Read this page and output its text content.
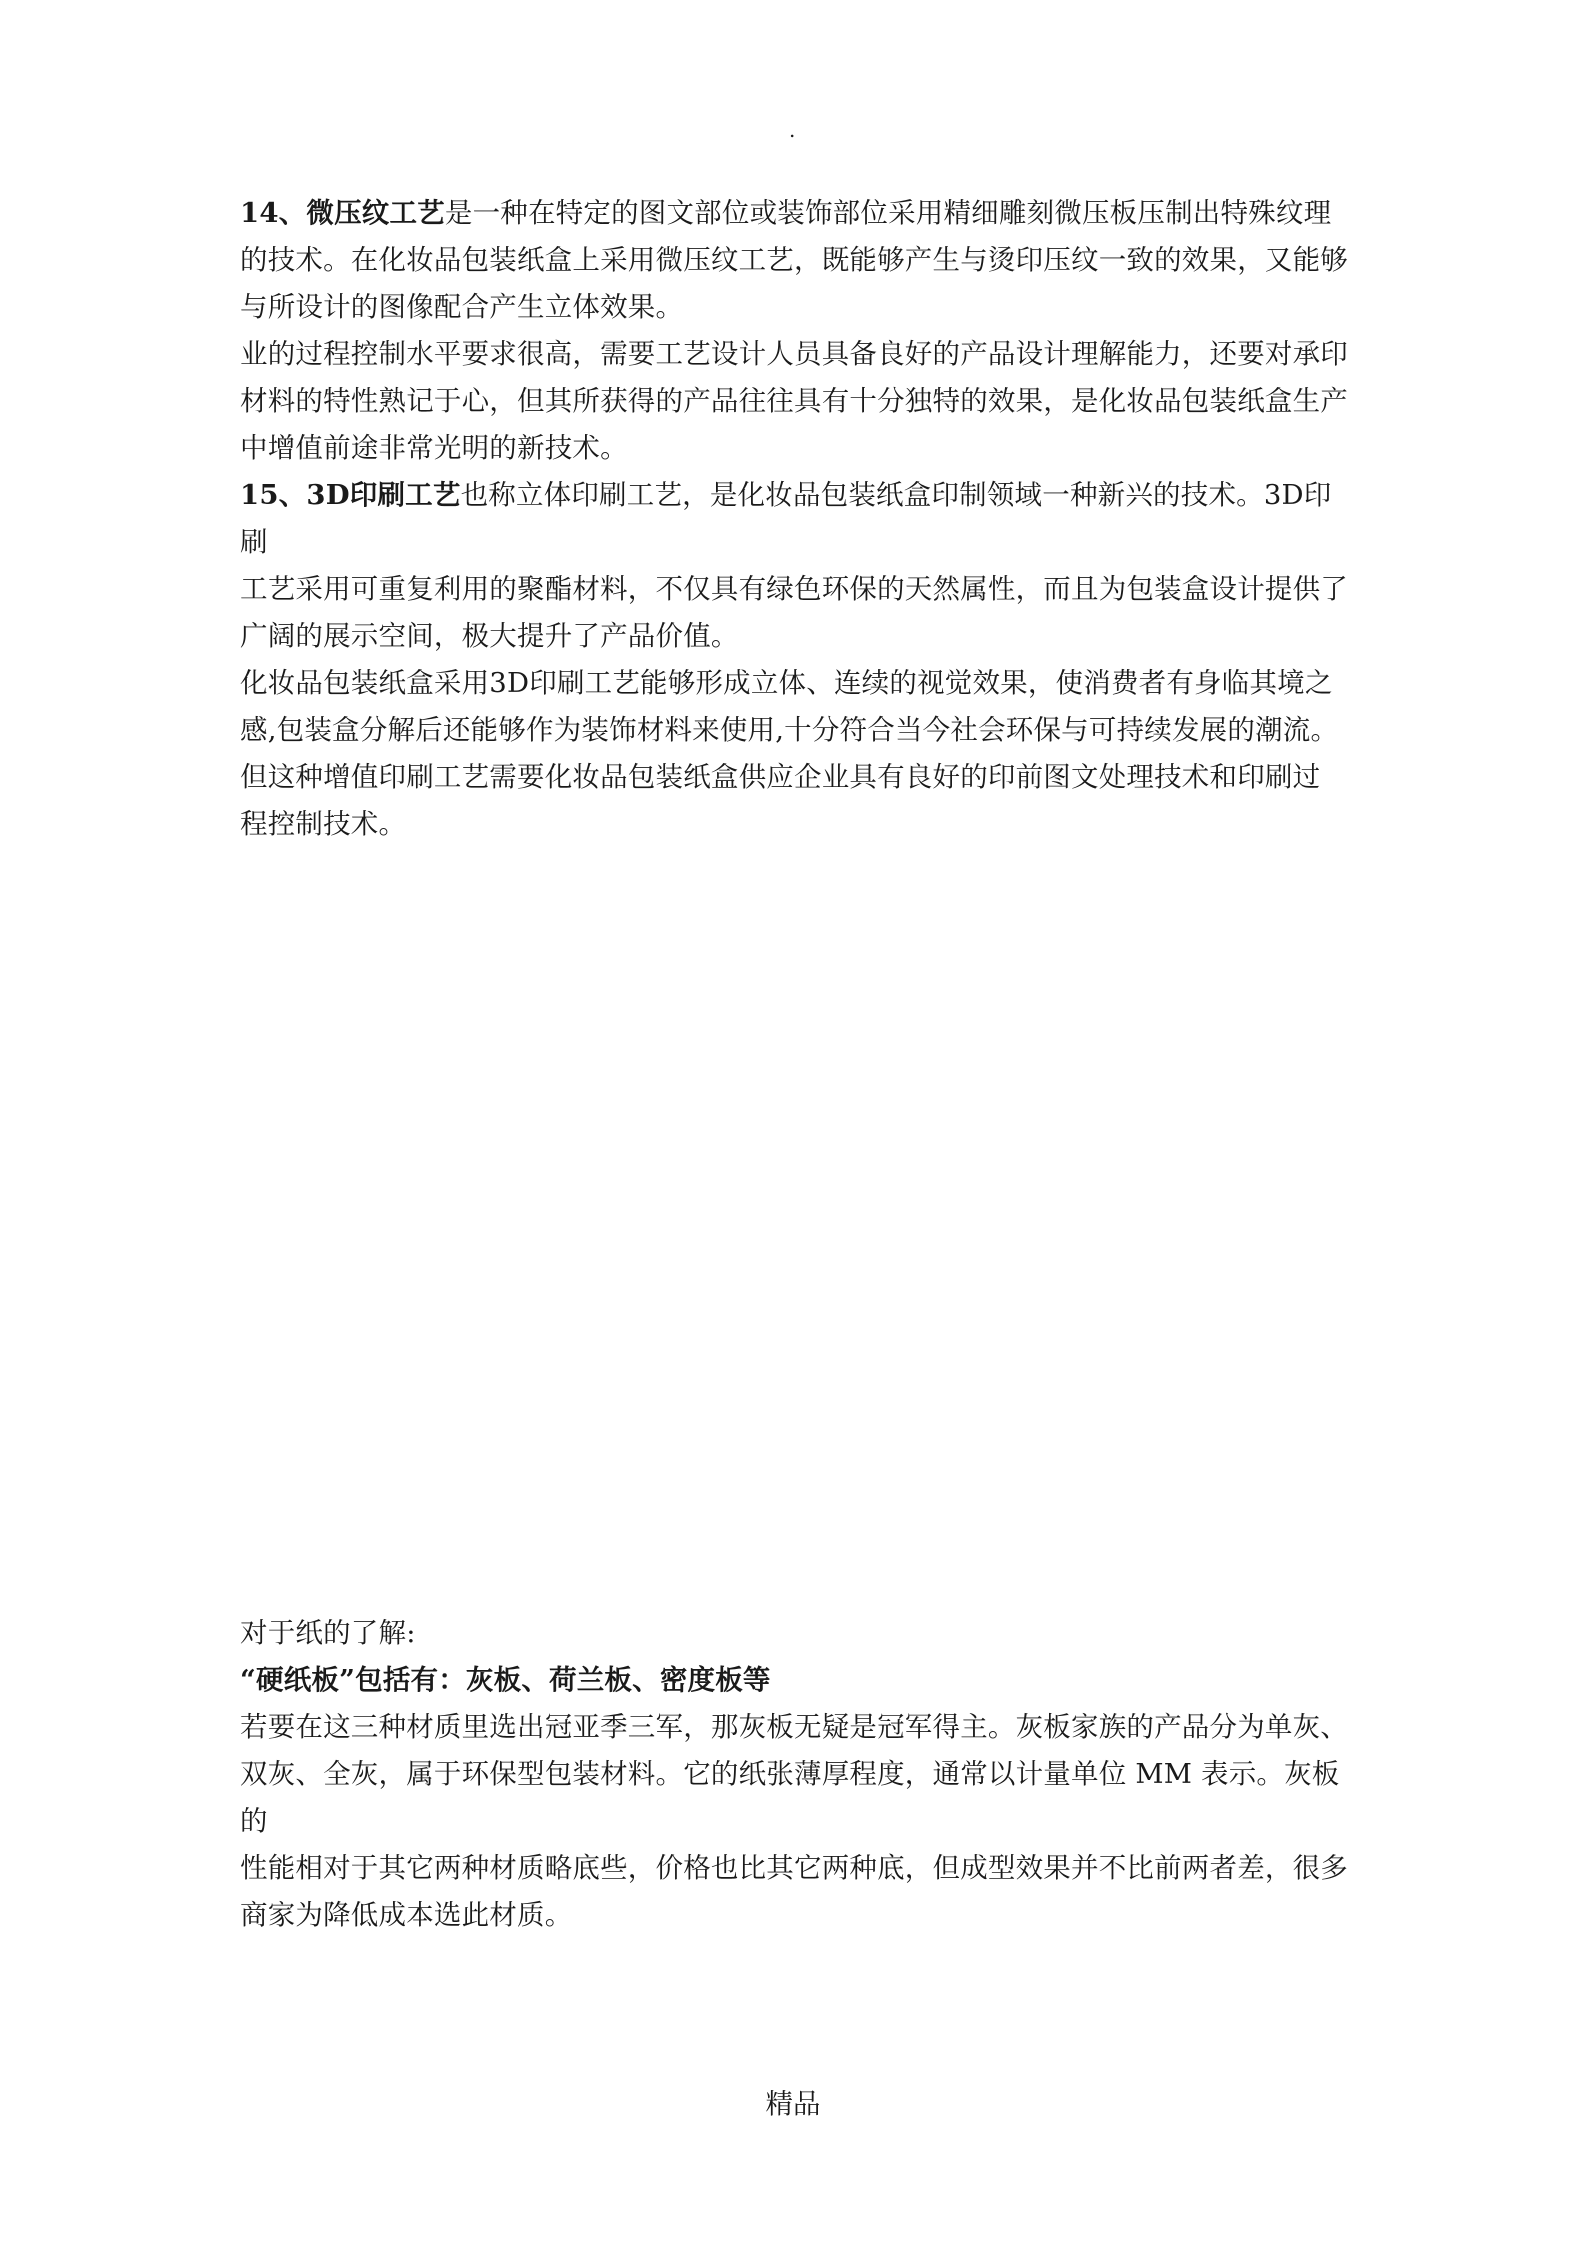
.

14、微压纹工艺是一种在特定的图文部位或装饰部位采用精细雕刻微压板压制出特殊纹理

的技术。在化妆品包装纸盒上采用微压纹工艺，既能够产生与烫印压纹一致的效果，又能够

与所设计的图像配合产生立体效果。

业的过程控制水平要求很高，需要工艺设计人员具备良好的产品设计理解能力，还要对承印

材料的特性熟记于心，但其所获得的产品往往具有十分独特的效果，是化妆品包装纸盒生产

中增值前途非常光明的新技术。

15、3D印刷工艺也称立体印刷工艺，是化妆品包装纸盒印制领域一种新兴的技术。3D印刷

工艺采用可重复利用的聚酯材料，不仅具有绿色环保的天然属性，而且为包装盒设计提供了

广阔的展示空间，极大提升了产品价值。

化妆品包装纸盒采用3D印刷工艺能够形成立体、连续的视觉效果，使消费者有身临其境之

感,包装盒分解后还能够作为装饰材料来使用,十分符合当今社会环保与可持续发展的潮流。

但这种增值印刷工艺需要化妆品包装纸盒供应企业具有良好的印前图文处理技术和印刷过

程控制技术。

对于纸的了解:

“硬纸板”包括有：灰板、荷兰板、密度板等

若要在这三种材质里选出冠亚季三军，那灰板无疑是冠军得主。灰板家族的产品分为单灰、

双灰、全灰，属于环保型包装材料。它的纸张薄厚程度，通常以计量单位 MM 表示。灰板的

性能相对于其它两种材质略底些，价格也比其它两种底，但成型效果并不比前两者差，很多

商家为降低成本选此材质。

精品
